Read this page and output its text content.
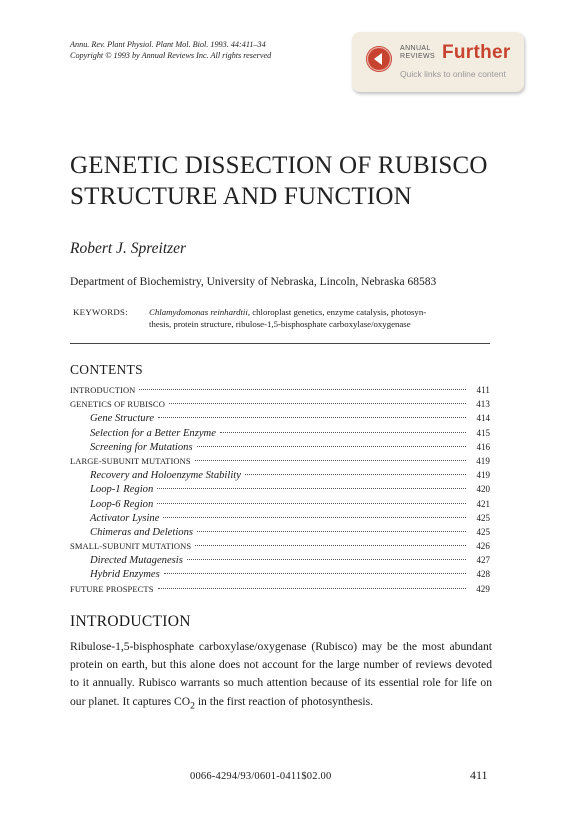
Annu. Rev. Plant Physiol. Plant Mol. Biol. 1993. 44:411–34
Copyright © 1993 by Annual Reviews Inc. All rights reserved
ANNUAL
REVIEWS Further
Quick links to online content
GENETIC DISSECTION OF RUBISCO
STRUCTURE AND FUNCTION
Robert J. Spreitzer
Department of Biochemistry, University of Nebraska, Lincoln, Nebraska 68583
KEYWORDS: Chlamydomonas reinhardtii, chloroplast genetics, enzyme catalysis, photosyn-
thesis, protein structure, ribulose-1,5-bisphosphate carboxylase/oxygenase
CONTENTS
INTRODUCTION	411
GENETICS OF RUBISCO	413
Gene Structure	414
Selection for a Better Enzyme	415
Screening for Mutations	416
LARGE-SUBUNIT MUTATIONS	419
Recovery and Holoenzyme Stability	419
Loop-1 Region	420
Loop-6 Region	421
Activator Lysine	425
Chimeras and Deletions	425
SMALL-SUBUNIT MUTATIONS	426
Directed Mutagenesis	427
Hybrid Enzymes	428
FUTURE PROSPECTS	429
INTRODUCTION
Ribulose-1,5-bisphosphate carboxylase/oxygenase (Rubisco) may be the most abundant protein on earth, but this alone does not account for the large number of reviews devoted to it annually. Rubisco warrants so much attention because of its essential role for life on our planet. It captures $CO_2$ in the first reaction of photosynthesis.
0066-4294/93/0601-0411$02.00	411
